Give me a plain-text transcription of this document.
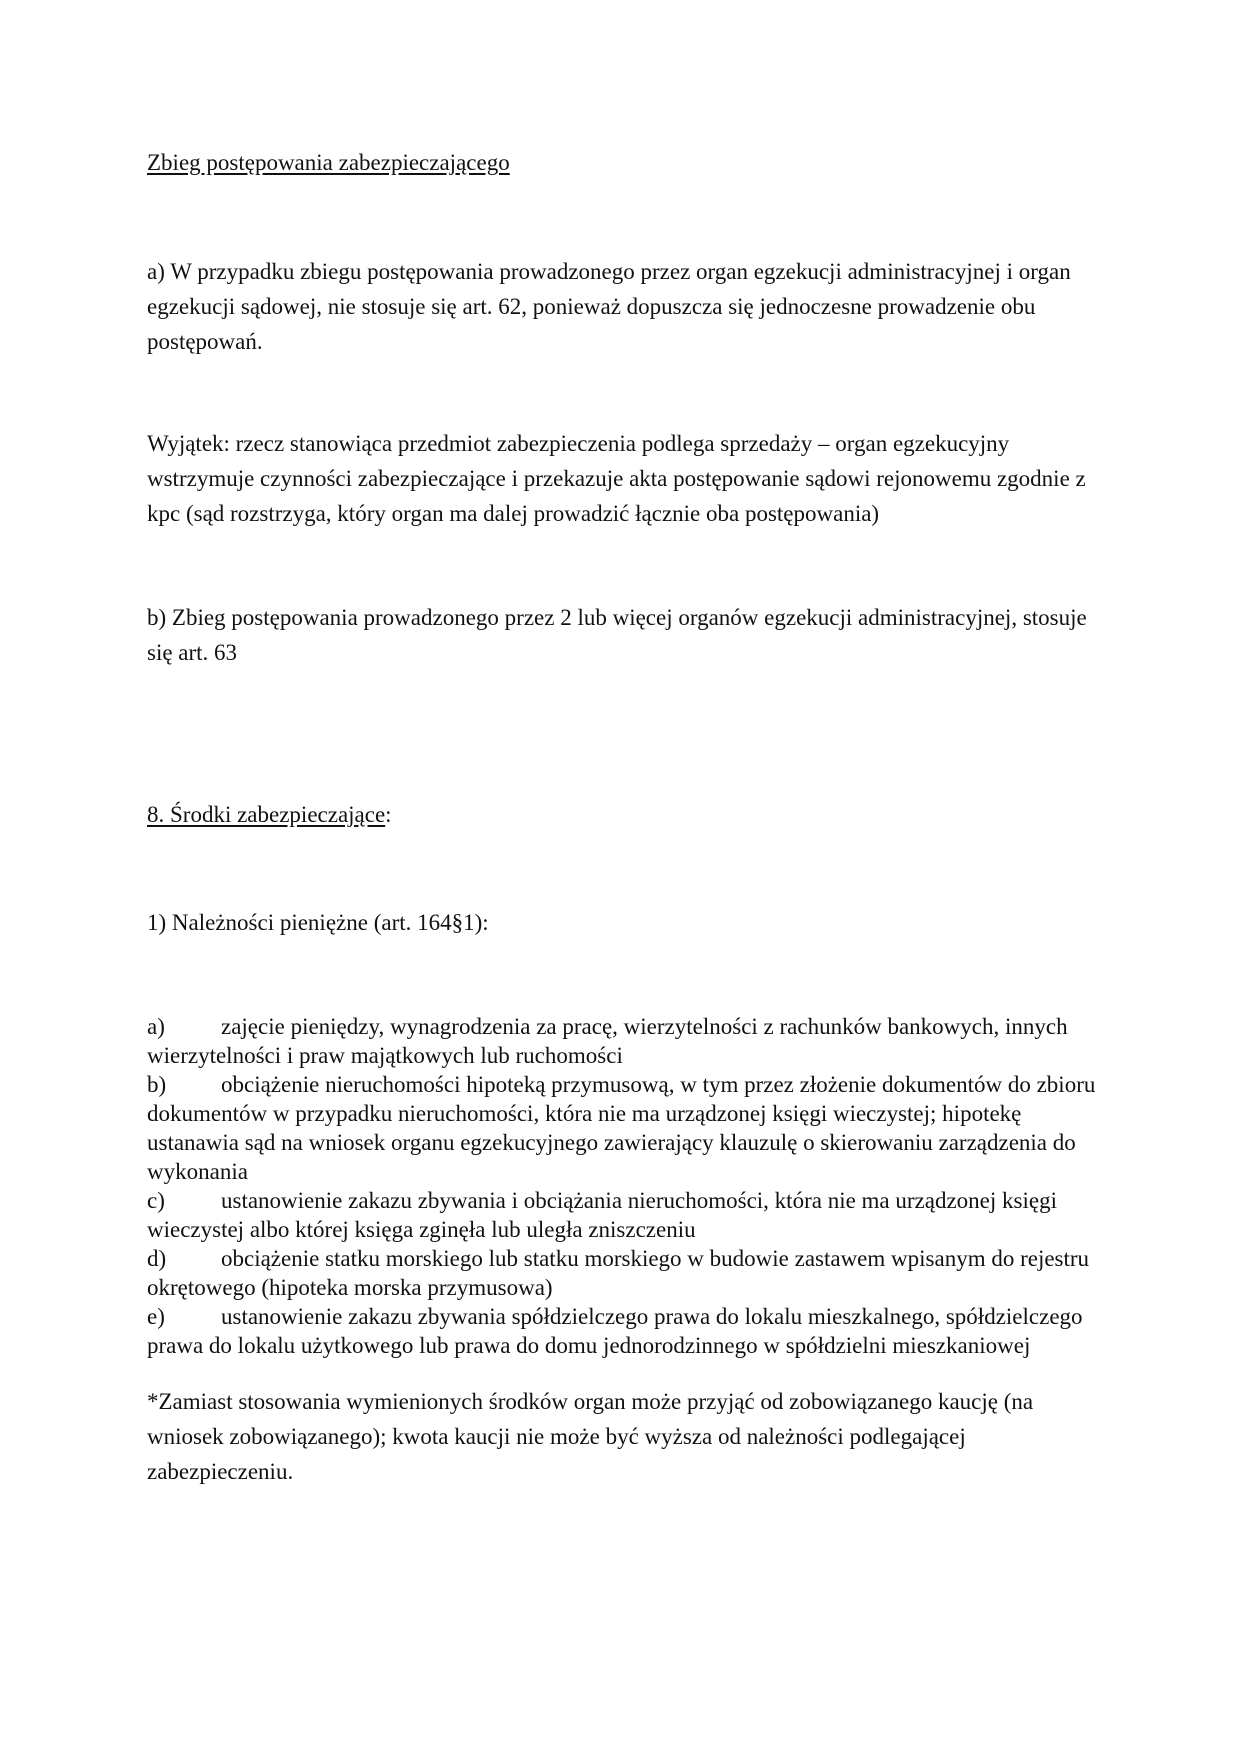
Zbieg postępowania zabezpieczającego
a) W przypadku zbiegu postępowania prowadzonego przez organ egzekucji administracyjnej i organ egzekucji sądowej, nie stosuje się art. 62, ponieważ dopuszcza się jednoczesne prowadzenie obu postępowań.
Wyjątek: rzecz stanowiąca przedmiot zabezpieczenia podlega sprzedaży – organ egzekucyjny wstrzymuje czynności zabezpieczające i przekazuje akta postępowanie sądowi rejonowemu zgodnie z kpc (sąd rozstrzyga, który organ ma dalej prowadzić łącznie oba postępowania)
b) Zbieg postępowania prowadzonego przez 2 lub więcej organów egzekucji administracyjnej, stosuje się art. 63
8. Środki zabezpieczające:
1) Należności pieniężne (art. 164§1):
a) zajęcie pieniędzy, wynagrodzenia za pracę, wierzytelności z rachunków bankowych, innych wierzytelności i praw majątkowych lub ruchomości
b) obciążenie nieruchomości hipoteką przymusową, w tym przez złożenie dokumentów do zbioru dokumentów w przypadku nieruchomości, która nie ma urządzonej księgi wieczystej; hipotekę ustanawia sąd na wniosek organu egzekucyjnego zawierający klauzulę o skierowaniu zarządzenia do wykonania
c) ustanowienie zakazu zbywania i obciążania nieruchomości, która nie ma urządzonej księgi wieczystej albo której księga zginęła lub uległa zniszczeniu
d) obciążenie statku morskiego lub statku morskiego w budowie zastawem wpisanym do rejestru okrętowego (hipoteka morska przymusowa)
e) ustanowienie zakazu zbywania spółdzielczego prawa do lokalu mieszkalnego, spółdzielczego prawa do lokalu użytkowego lub prawa do domu jednorodzinnego w spółdzielni mieszkaniowej
*Zamiast stosowania wymienionych środków organ może przyjąć od zobowiązanego kaucję (na wniosek zobowiązanego); kwota kaucji nie może być wyższa od należności podlegającej zabezpieczeniu.
